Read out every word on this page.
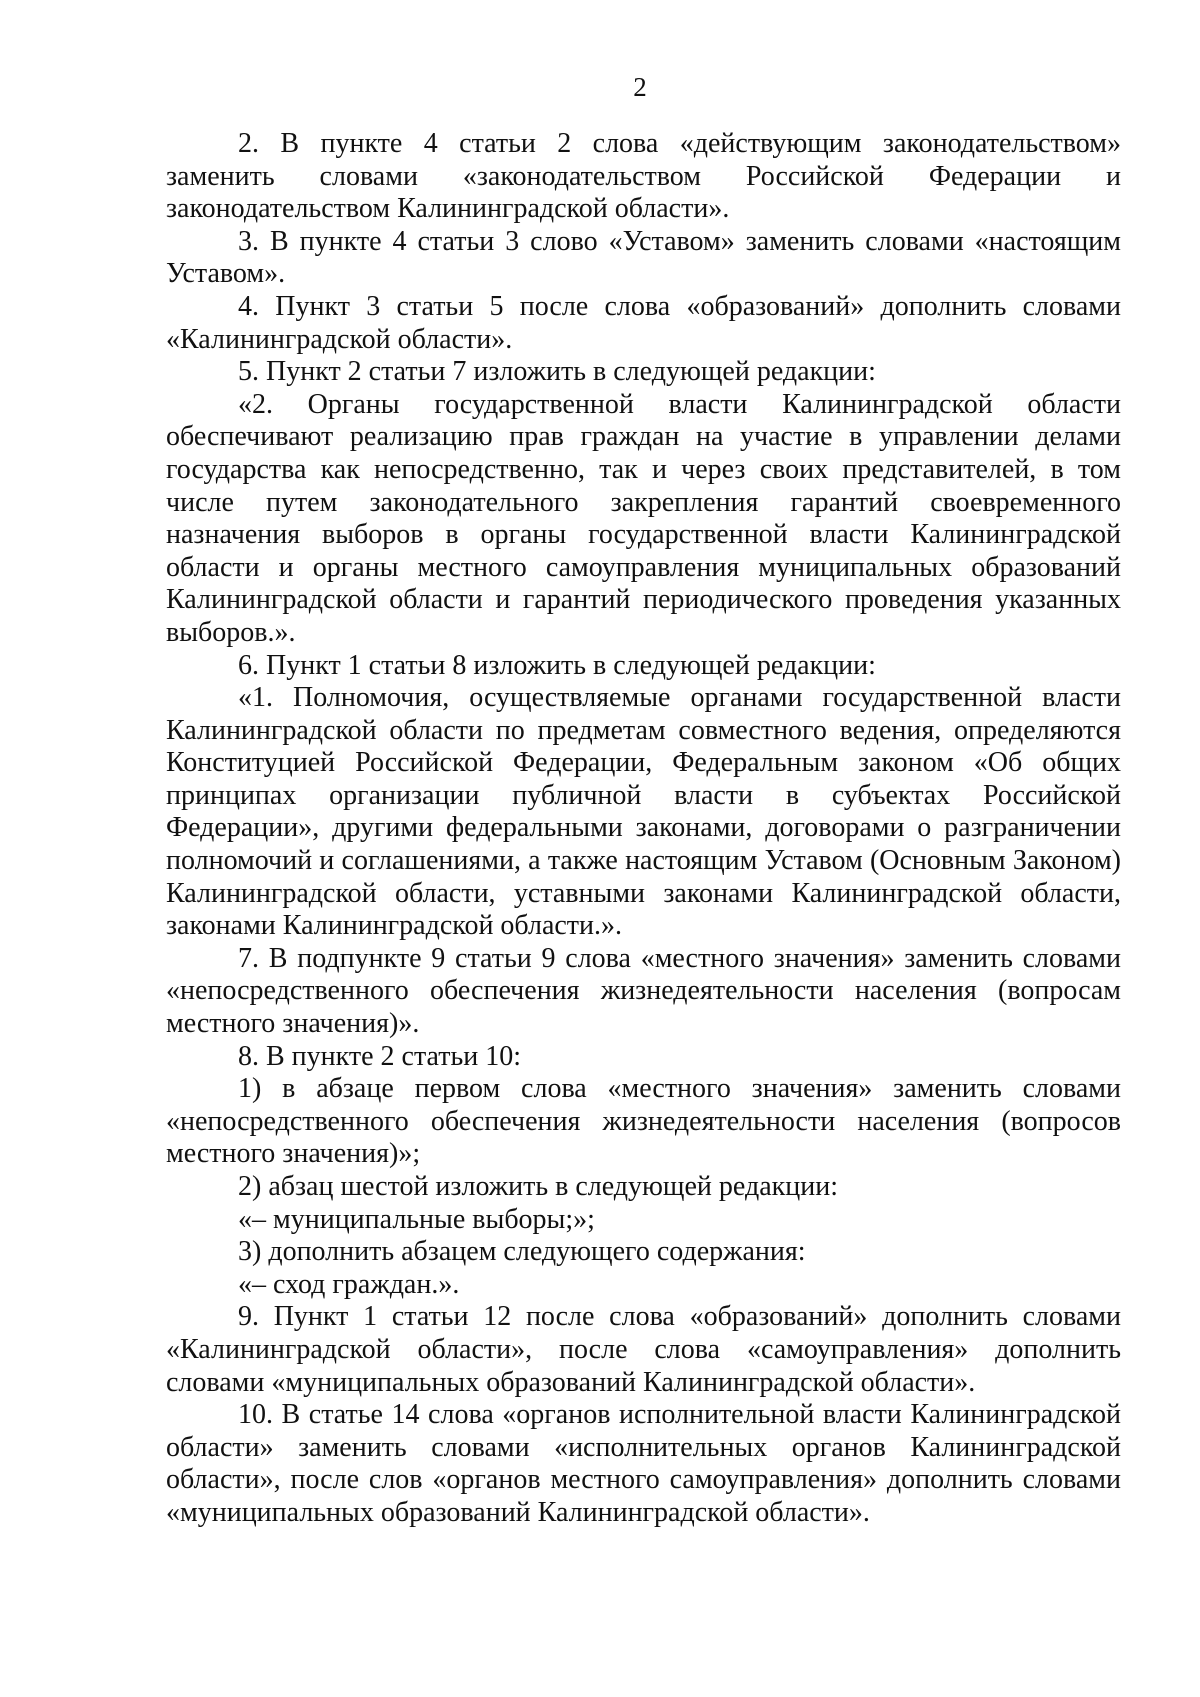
2

2. В пункте 4 статьи 2 слова «действующим законодательством» заменить словами «законодательством Российской Федерации и законодательством Калининградской области».

3. В пункте 4 статьи 3 слово «Уставом» заменить словами «настоящим Уставом».

4. Пункт 3 статьи 5 после слова «образований» дополнить словами «Калининградской области».

5. Пункт 2 статьи 7 изложить в следующей редакции:

«2. Органы государственной власти Калининградской области обеспечивают реализацию прав граждан на участие в управлении делами государства как непосредственно, так и через своих представителей, в том числе путем законодательного закрепления гарантий своевременного назначения выборов в органы государственной власти Калининградской области и органы местного самоуправления муниципальных образований Калининградской области и гарантий периодического проведения указанных выборов.».

6. Пункт 1 статьи 8 изложить в следующей редакции:

«1. Полномочия, осуществляемые органами государственной власти Калининградской области по предметам совместного ведения, определяются Конституцией Российской Федерации, Федеральным законом «Об общих принципах организации публичной власти в субъектах Российской Федерации», другими федеральными законами, договорами о разграничении полномочий и соглашениями, а также настоящим Уставом (Основным Законом) Калининградской области, уставными законами Калининградской области, законами Калининградской области.».

7. В подпункте 9 статьи 9 слова «местного значения» заменить словами «непосредственного обеспечения жизнедеятельности населения (вопросам местного значения)».

8. В пункте 2 статьи 10:

1) в абзаце первом слова «местного значения» заменить словами «непосредственного обеспечения жизнедеятельности населения (вопросов местного значения)»;

2) абзац шестой изложить в следующей редакции:

«– муниципальные выборы;»;

3) дополнить абзацем следующего содержания:

«– сход граждан.».

9. Пункт 1 статьи 12 после слова «образований» дополнить словами «Калининградской области», после слова «самоуправления» дополнить словами «муниципальных образований Калининградской области».

10. В статье 14 слова «органов исполнительной власти Калининградской области» заменить словами «исполнительных органов Калининградской области», после слов «органов местного самоуправления» дополнить словами «муниципальных образований Калининградской области».
